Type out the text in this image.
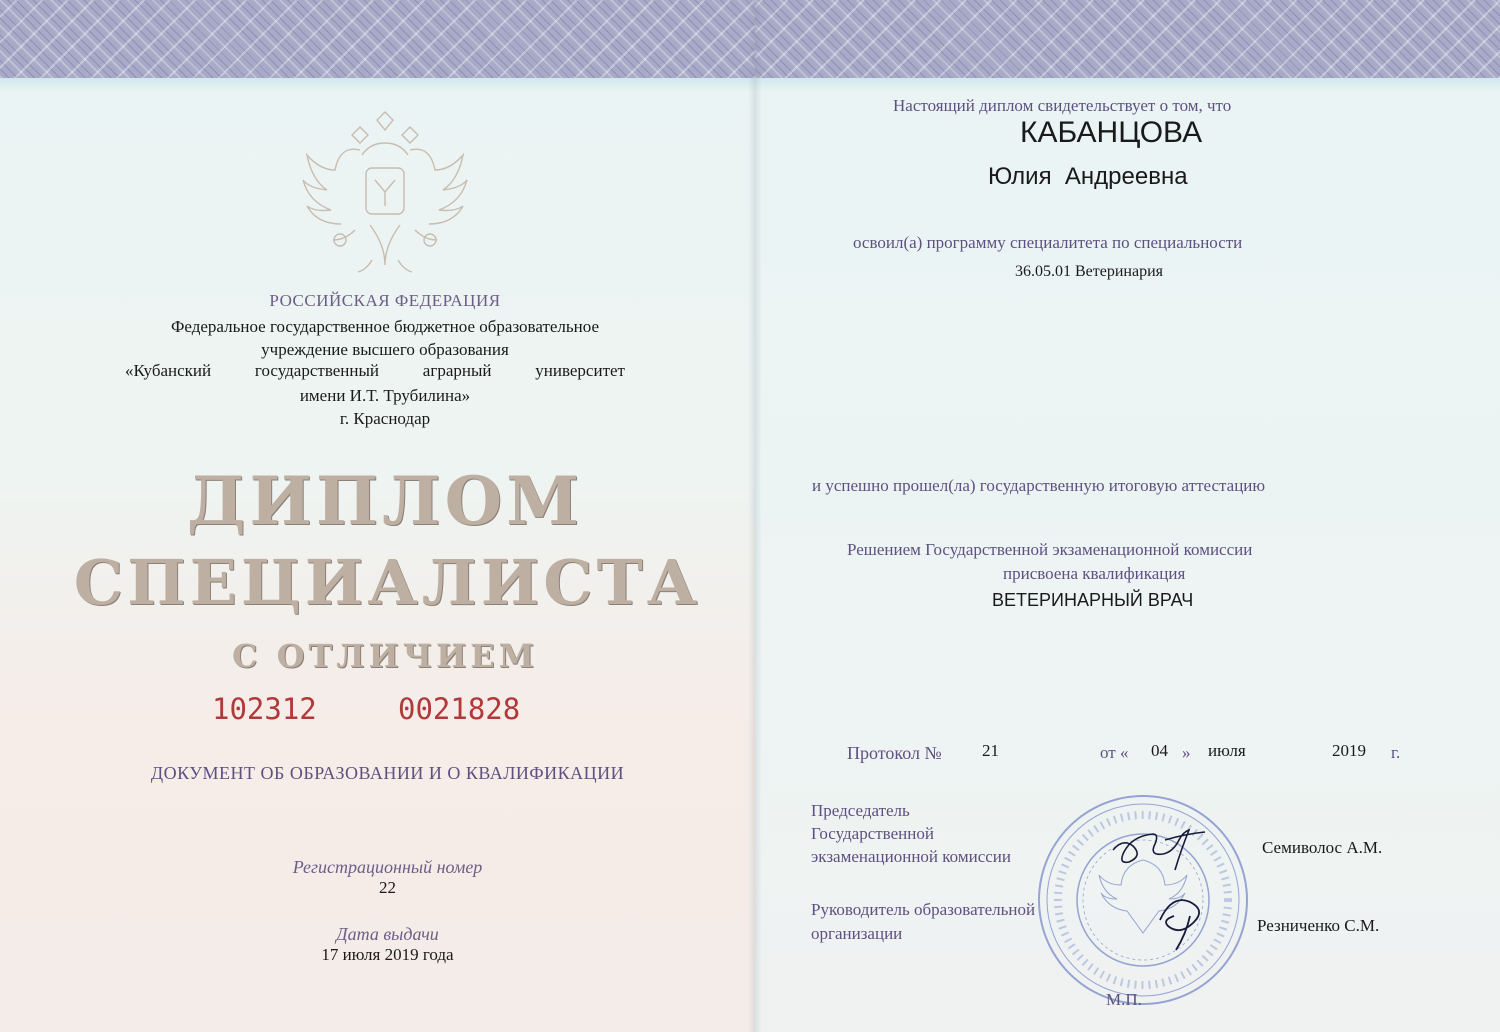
РОССИЙСКАЯ ФЕДЕРАЦИЯ
Федеральное государственное бюджетное образовательное
учреждение высшего образования
«Кубанский	государственный	аграрный	университет
имени И.Т. Трубилина»
г. Краснодар
ДИПЛОМ
СПЕЦИАЛИСТА
С ОТЛИЧИЕМ
102312	0021828
ДОКУМЕНТ ОБ ОБРАЗОВАНИИ И О КВАЛИФИКАЦИИ
Регистрационный номер
22
Дата выдачи
17 июля 2019 года
Настоящий диплом свидетельствует о том, что
КАБАНЦОВА
Юлия  Андреевна
освоил(а) программу специалитета по специальности
36.05.01 Ветеринария
и успешно прошел(ла) государственную итоговую аттестацию
Решением Государственной экзаменационной комиссии
присвоена квалификация
ВЕТЕРИНАРНЫЙ ВРАЧ
Протокол № 21	от « 04 » июля	2019 г.
Председатель
Государственной
экзаменационной комиссии	Семиволос А.М.
Руководитель образовательной
организации	Резниченко С.М.
М.П.
